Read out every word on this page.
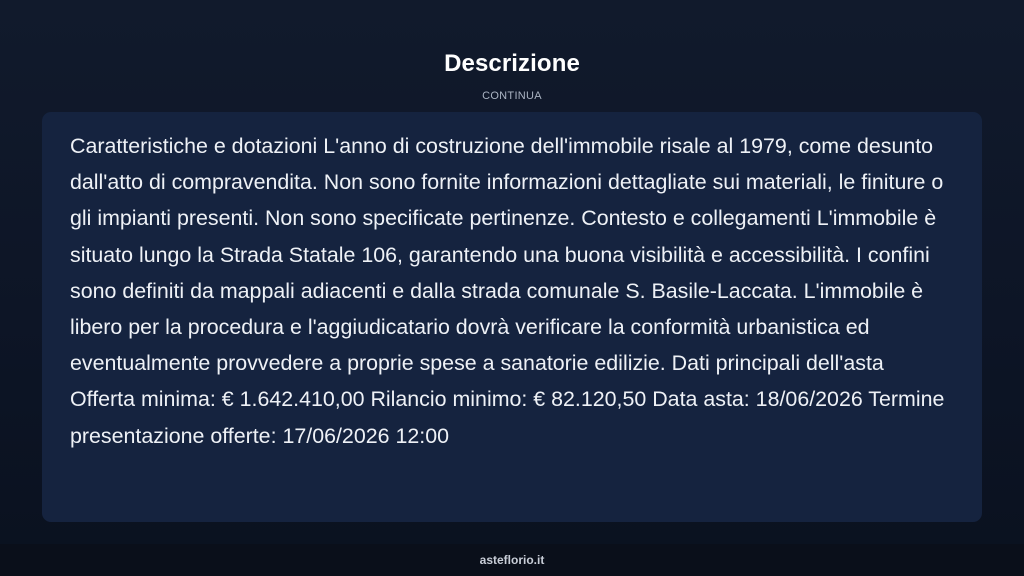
Descrizione
CONTINUA

Caratteristiche e dotazioni L'anno di costruzione dell'immobile risale al 1979, come desunto dall'atto di compravendita. Non sono fornite informazioni dettagliate sui materiali, le finiture o gli impianti presenti. Non sono specificate pertinenze. Contesto e collegamenti L'immobile è situato lungo la Strada Statale 106, garantendo una buona visibilità e accessibilità. I confini sono definiti da mappali adiacenti e dalla strada comunale S. Basile-Laccata. L'immobile è libero per la procedura e l'aggiudicatario dovrà verificare la conformità urbanistica ed eventualmente provvedere a proprie spese a sanatorie edilizie. Dati principali dell'asta Offerta minima: € 1.642.410,00 Rilancio minimo: € 82.120,50 Data asta: 18/06/2026 Termine presentazione offerte: 17/06/2026 12:00

asteflorio.it
